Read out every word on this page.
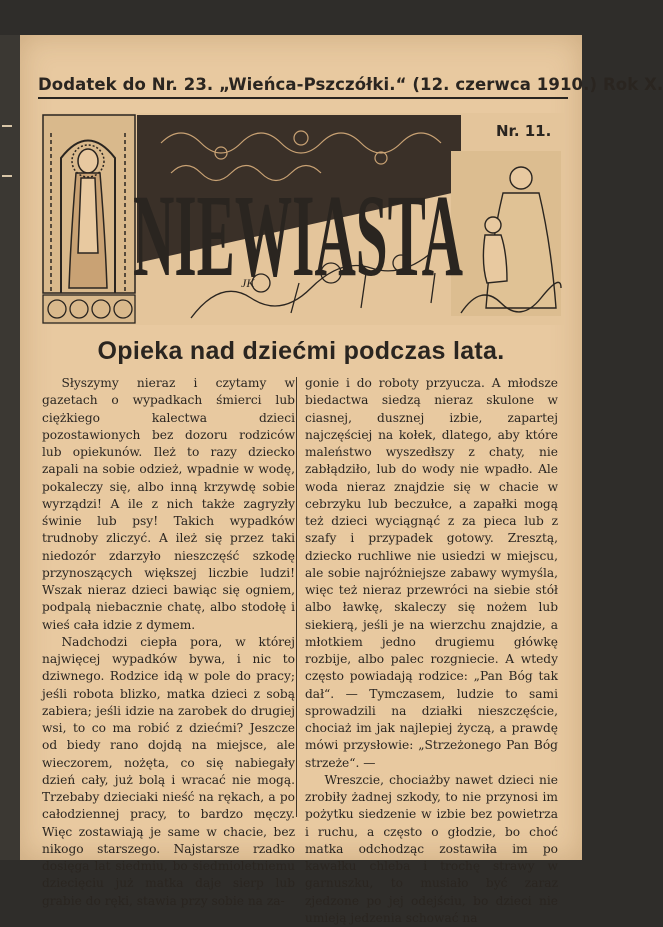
Dodatek do Nr. 23. „Wieńca-Pszczółki.“ (12. czerwca 1910.) Rok X.
JK
NIEWIASTA
Nr. 11.
Opieka nad dziećmi podczas lata.

Słyszymy nieraz i czytamy w gazetach o wypadkach śmierci lub ciężkiego kalectwa dzieci pozostawionych bez dozoru rodziców lub opiekunów. Ileż to razy dziecko zapali na sobie odzież, wpadnie w wodę, pokaleczy się, albo inną krzywdę sobie wyrządzi! A ile z nich także zagryzły świnie lub psy! Takich wypadków trudnoby zliczyć. A ileż się przez taki niedozór zdarzyło nieszczęść szkodę przynoszących większej liczbie ludzi! Wszak nieraz dzieci bawiąc się ogniem, podpalą niebacznie chatę, albo stodołę i wieś cała idzie z dymem.

Nadchodzi ciepła pora, w której najwięcej wypadków bywa, i nic to dziwnego. Rodzice idą w pole do pracy; jeśli robota blizko, matka dzieci z sobą zabiera; jeśli idzie na zarobek do drugiej wsi, to co ma robić z dziećmi? Jeszcze od biedy rano dojdą na miejsce, ale wieczorem, nożęta, co się nabiegały dzień cały, już bolą i wracać nie mogą. Trzebaby dzieciaki nieść na rękach, a po całodziennej pracy, to bardzo męczy. Więc zostawiają je same w chacie, bez nikogo starszego. Najstarsze rzadko dosięga lat siedmiu, bo siedmioletniemu dziecięciu już matka daje sierp lub grabie do ręki, stawia przy sobie na za-

gonie i do roboty przyucza. A młodsze biedactwa siedzą nieraz skulone w ciasnej, dusznej izbie, zapartej najczęściej na kołek, dlatego, aby które maleństwo wyszedłszy z chaty, nie zabłądziło, lub do wody nie wpadło. Ale woda nieraz znajdzie się w chacie w cebrzyku lub beczułce, a zapałki mogą też dzieci wyciągnąć z za pieca lub z szafy i przypadek gotowy. Zresztą, dziecko ruchliwe nie usiedzi w miejscu, ale sobie najróżniejsze zabawy wymyśla, więc też nieraz przewróci na siebie stół albo ławkę, skaleczy się nożem lub siekierą, jeśli je na wierzchu znajdzie, a młotkiem jedno drugiemu główkę rozbije, albo palec rozgniecie. A wtedy często powiadają rodzice: „Pan Bóg tak dał“. — Tymczasem, ludzie to sami sprowadzili na działki nieszczęście, chociaż im jak najlepiej życzą, a prawdę mówi przysłowie: „Strzeżonego Pan Bóg strzeże“. —

Wreszcie, chociażby nawet dzieci nie zrobiły żadnej szkody, to nie przynosi im pożytku siedzenie w izbie bez powietrza i ruchu, a często o głodzie, bo choć matka odchodząc zostawiła im po kawałku chleba i trochę strawy w garnuszku, to musiało być zaraz zjedzone po jej odejściu, bo dzieci nie umieją jedzenia schować na
